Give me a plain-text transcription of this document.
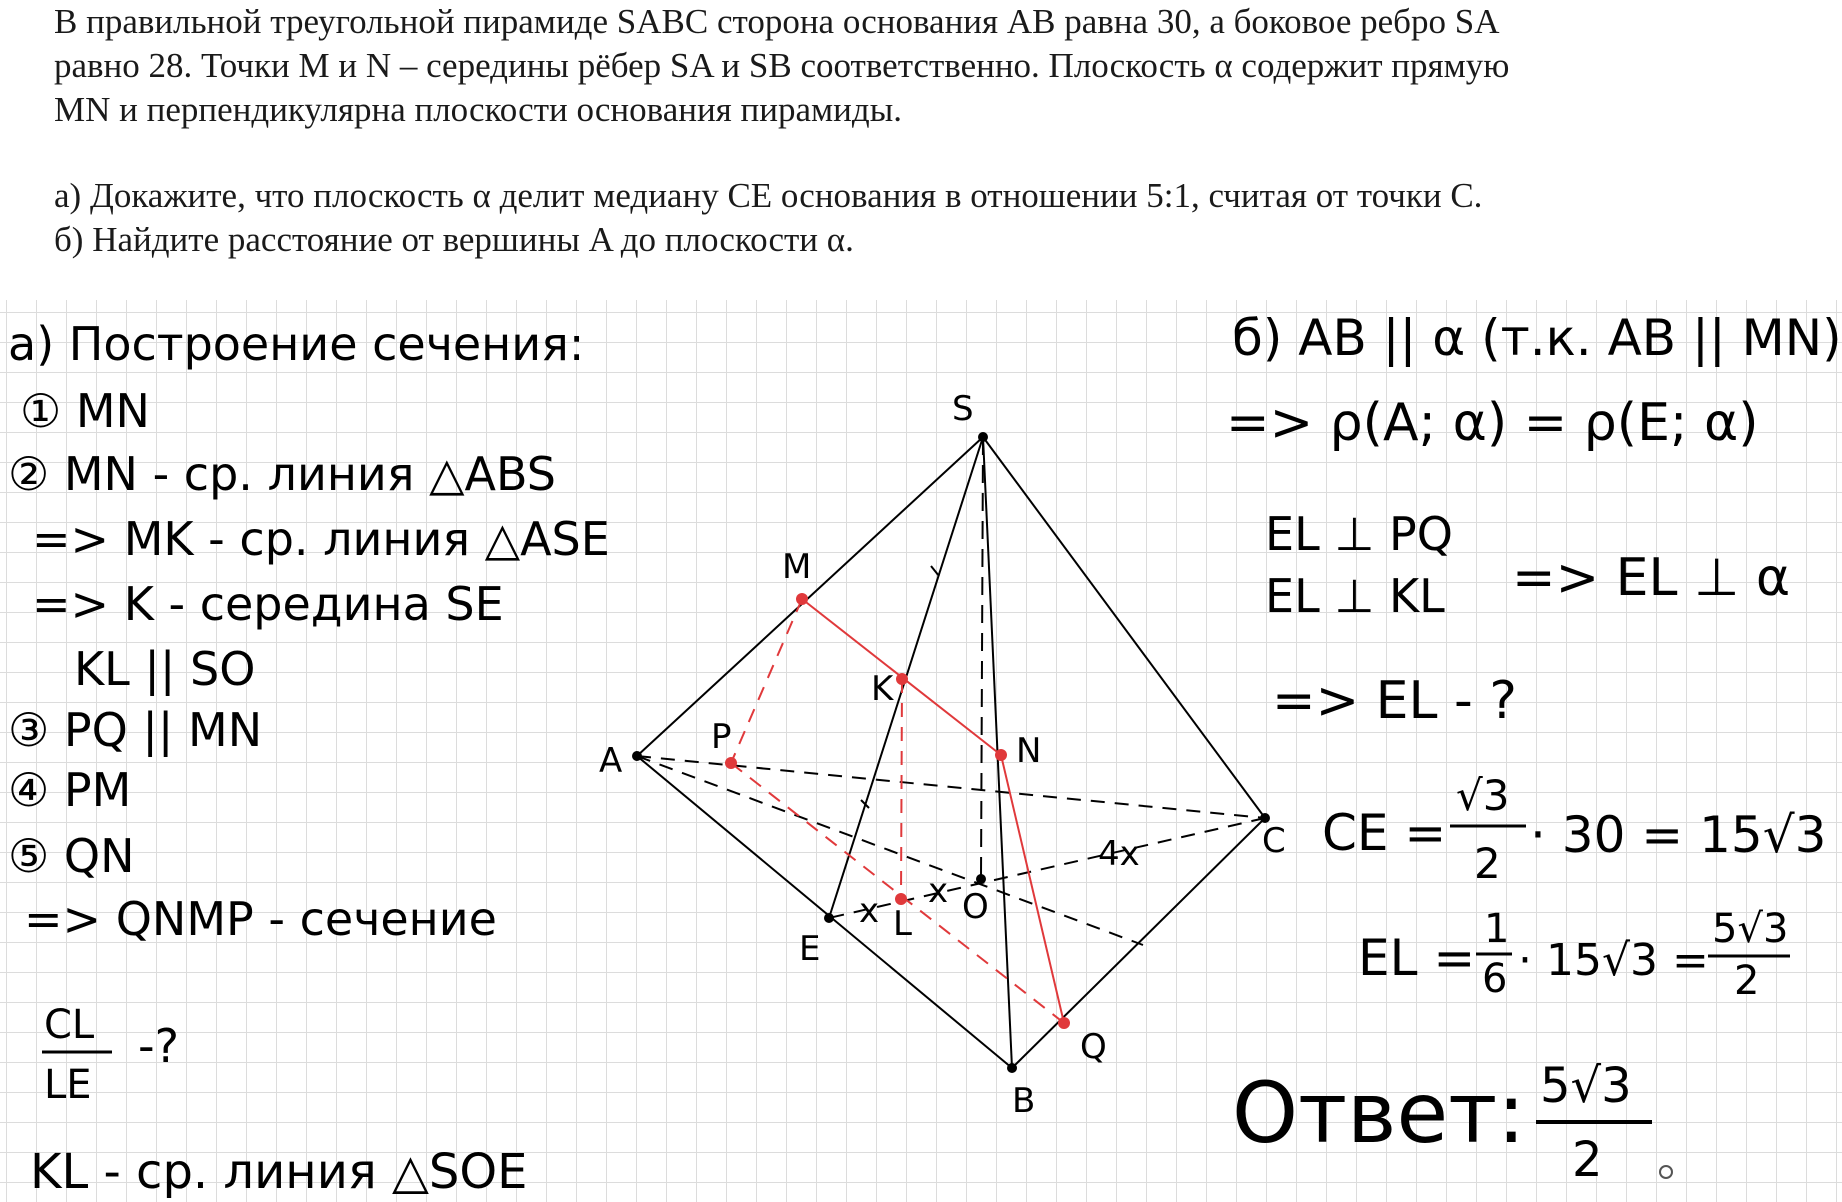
В правильной треугольной пирамиде SABC сторона основания AB равна 30, а боковое ребро SA
равно 28. Точки M и N – середины рёбер SA и SB соответственно. Плоскость α содержит прямую
MN и перпендикулярна плоскости основания пирамиды.
а) Докажите, что плоскость α делит медиану CE основания в отношении 5:1, считая от точки C.
б) Найдите расстояние от вершины A до плоскости α.
S
M
K
N
A
P
C
E
L O
B
Q
x x
4x
а) Построение сечения:
① MN
② MN - ср. линия △ABS
=> MK - ср. линия △ASE
=> K - середина SE
KL || SO
③ PQ || MN
④ PM
⑤ QN
=> QNMP - сечение
CL
LE
-?
KL - ср. линия △SOE
б) AB || α (т.к. AB || MN)
=> ρ(A; α) = ρ(E; α)
EL ⊥ PQ
EL ⊥ KL => EL ⊥ α
=> EL - ?
CE =
√3
2 · 30 = 15√3
EL = 1
6 · 15√3 =
5√3
2
Ответ: 5√3
2
